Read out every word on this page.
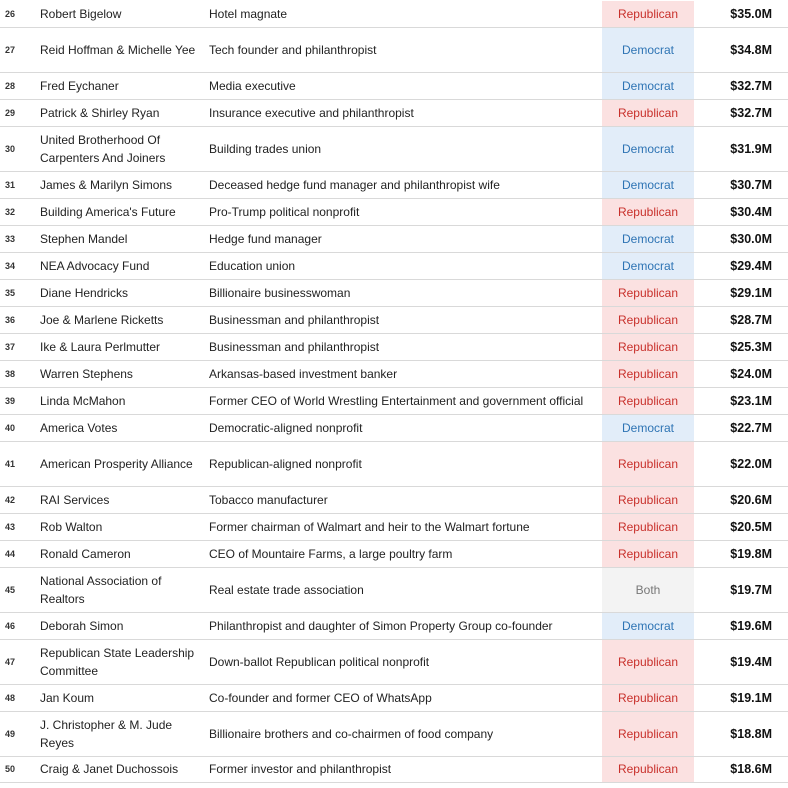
26	Robert Bigelow	Hotel magnate	Republican	$35.0M
27	Reid Hoffman & Michelle Yee	Tech founder and philanthropist	Democrat	$34.8M
28	Fred Eychaner	Media executive	Democrat	$32.7M
29	Patrick & Shirley Ryan	Insurance executive and philanthropist	Republican	$32.7M
30	United Brotherhood Of Carpenters And Joiners	Building trades union	Democrat	$31.9M
31	James & Marilyn Simons	Deceased hedge fund manager and philanthropist wife	Democrat	$30.7M
32	Building America's Future	Pro-Trump political nonprofit	Republican	$30.4M
33	Stephen Mandel	Hedge fund manager	Democrat	$30.0M
34	NEA Advocacy Fund	Education union	Democrat	$29.4M
35	Diane Hendricks	Billionaire businesswoman	Republican	$29.1M
36	Joe & Marlene Ricketts	Businessman and philanthropist	Republican	$28.7M
37	Ike & Laura Perlmutter	Businessman and philanthropist	Republican	$25.3M
38	Warren Stephens	Arkansas-based investment banker	Republican	$24.0M
39	Linda McMahon	Former CEO of World Wrestling Entertainment and government official	Republican	$23.1M
40	America Votes	Democratic-aligned nonprofit	Democrat	$22.7M
41	American Prosperity Alliance	Republican-aligned nonprofit	Republican	$22.0M
42	RAI Services	Tobacco manufacturer	Republican	$20.6M
43	Rob Walton	Former chairman of Walmart and heir to the Walmart fortune	Republican	$20.5M
44	Ronald Cameron	CEO of Mountaire Farms, a large poultry farm	Republican	$19.8M
45	National Association of Realtors	Real estate trade association	Both	$19.7M
46	Deborah Simon	Philanthropist and daughter of Simon Property Group co-founder	Democrat	$19.6M
47	Republican State Leadership Committee	Down-ballot Republican political nonprofit	Republican	$19.4M
48	Jan Koum	Co-founder and former CEO of WhatsApp	Republican	$19.1M
49	J. Christopher & M. Jude Reyes	Billionaire brothers and co-chairmen of food company	Republican	$18.8M
50	Craig & Janet Duchossois	Former investor and philanthropist	Republican	$18.6M
